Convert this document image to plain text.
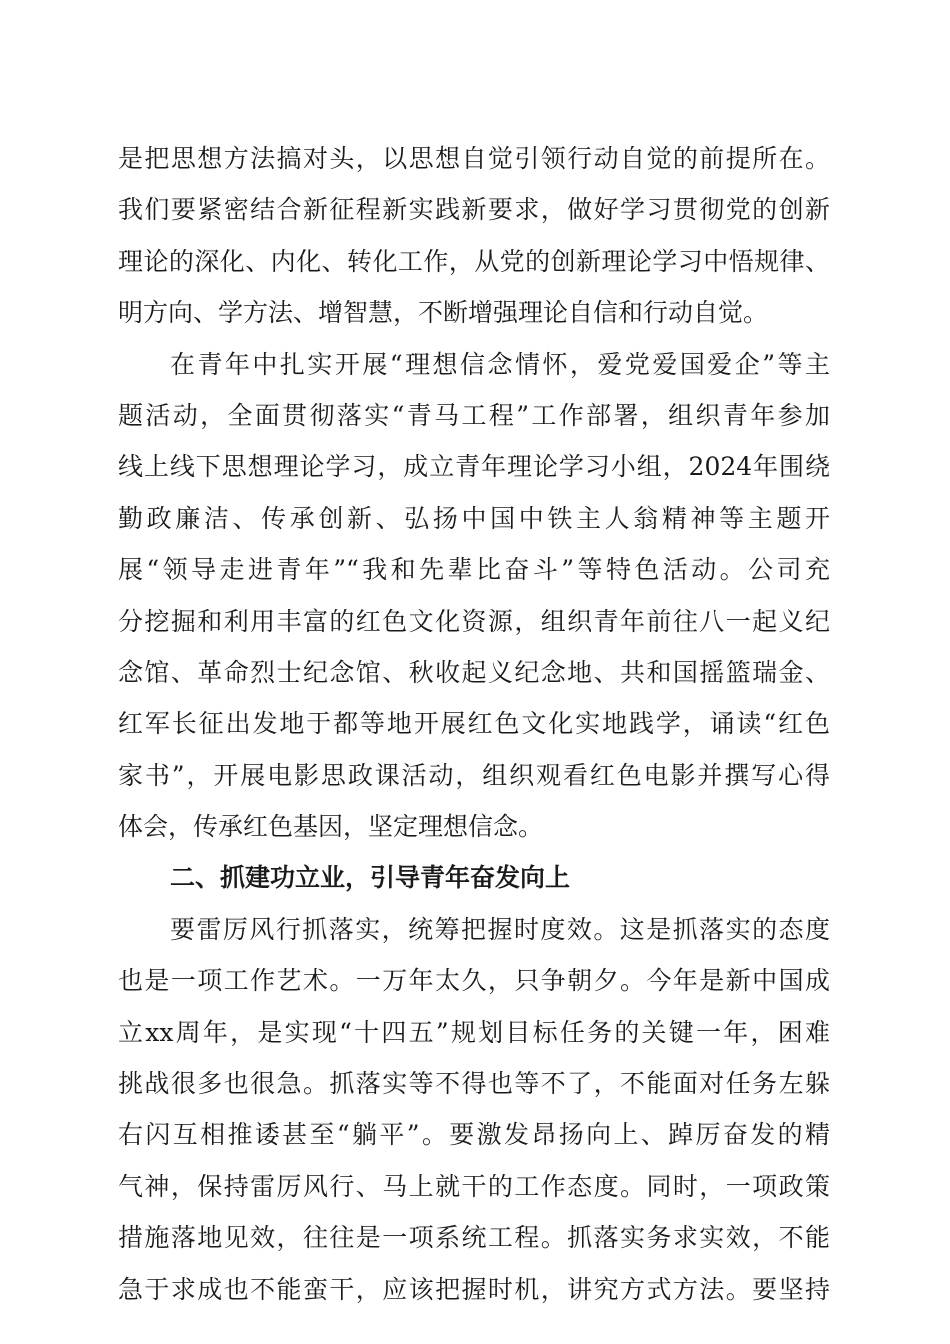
是把思想方法搞对头，以思想自觉引领行动自觉的前提所在。
我们要紧密结合新征程新实践新要求，做好学习贯彻党的创新
理论的深化、内化、转化工作，从党的创新理论学习中悟规律、
明方向、学方法、增智慧，不断增强理论自信和行动自觉。
在青年中扎实开展“理想信念情怀，爱党爱国爱企”等主
题活动，全面贯彻落实“青马工程”工作部署，组织青年参加
线上线下思想理论学习，成立青年理论学习小组，2024年围绕
勤政廉洁、传承创新、弘扬中国中铁主人翁精神等主题开
展“领导走进青年”“我和先辈比奋斗”等特色活动。公司充
分挖掘和利用丰富的红色文化资源，组织青年前往八一起义纪
念馆、革命烈士纪念馆、秋收起义纪念地、共和国摇篮瑞金、
红军长征出发地于都等地开展红色文化实地践学，诵读“红色
家书”，开展电影思政课活动，组织观看红色电影并撰写心得
体会，传承红色基因，坚定理想信念。
二、抓建功立业，引导青年奋发向上
要雷厉风行抓落实，统筹把握时度效。这是抓落实的态度
也是一项工作艺术。一万年太久，只争朝夕。今年是新中国成
立xx周年，是实现“十四五”规划目标任务的关键一年，困难
挑战很多也很急。抓落实等不得也等不了，不能面对任务左躲
右闪互相推诿甚至“躺平”。要激发昂扬向上、踔厉奋发的精
气神，保持雷厉风行、马上就干的工作态度。同时，一项政策
措施落地见效，往往是一项系统工程。抓落实务求实效，不能
急于求成也不能蛮干，应该把握时机，讲究方式方法。要坚持
